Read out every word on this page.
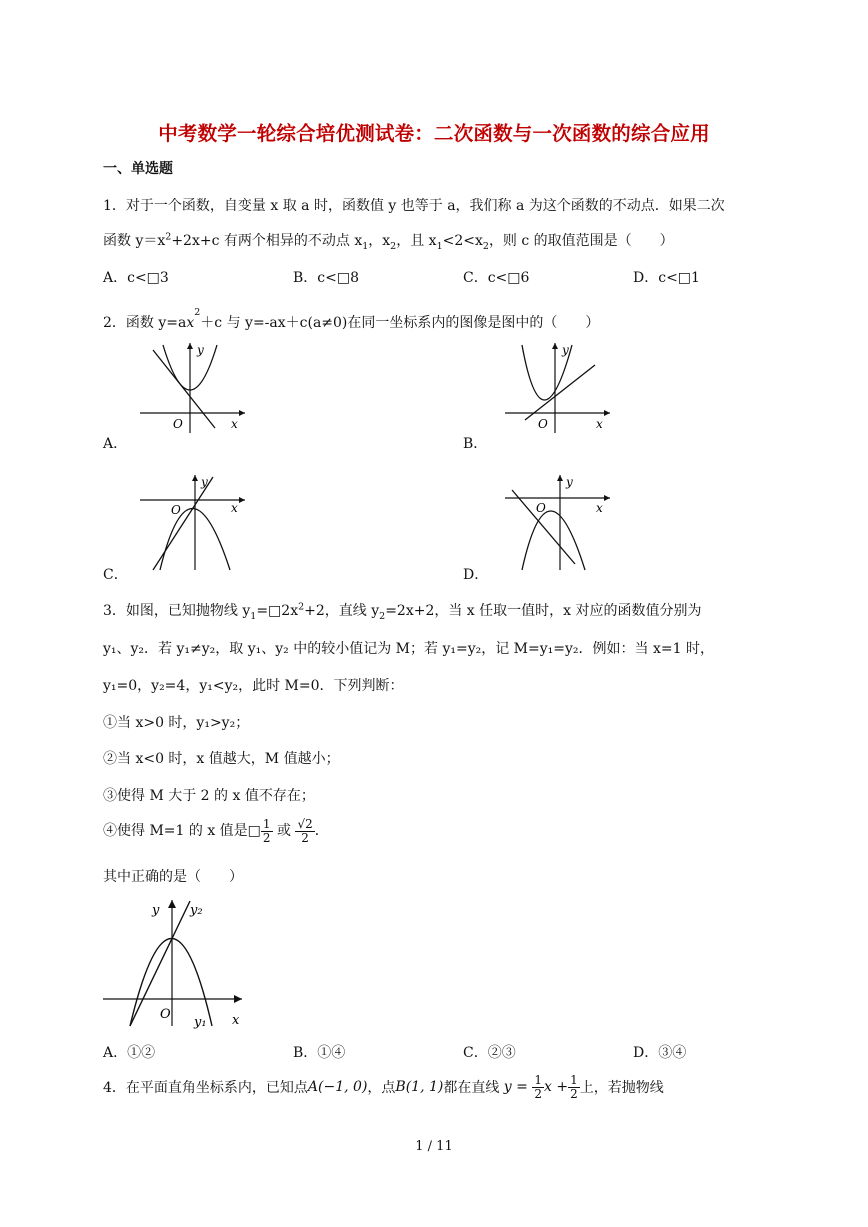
中考数学一轮综合培优测试卷：二次函数与一次函数的综合应用
一、单选题
1．对于一个函数，自变量 x 取 a 时，函数值 y 也等于 a，我们称 a 为这个函数的不动点．如果二次
函数 $y=x^2+2x+c$ 有两个相异的不动点 $x_1$，$x_2$，且 $x_1<2<x_2$，则 c 的取值范围是（　　）
A．c<□3	B．c<□8	C．c<□6	D．c<□1
2．函数 $y=ax^2+c$ 与 y=-ax＋c(a≠0)在同一坐标系内的图像是图中的（　　）
y
x
O
A．
y
x
O
B．
y
x
O
C．
y
x
O
D．
3．如图，已知抛物线 $y_1=□2x^2+2$，直线 $y_2=2x+2$，当 x 任取一值时，x 对应的函数值分别为
y₁、y₂．若 y₁≠y₂，取 y₁、y₂ 中的较小值记为 M；若 y₁=y₂，记 M=y₁=y₂．例如：当 x=1 时，
y₁=0，y₂=4，y₁<y₂，此时 M=0．下列判断：
①当 x>0 时，y₁>y₂；
②当 x<0 时，x 值越大，M 值越小；
③使得 M 大于 2 的 x 值不存在；
④使得 M=1 的 x 值是□ $\frac{1}{2}$ 或 $\frac{√2}{2}$ ．
其中正确的是（　　）
y y₂
O
y₁ x
A．①②	B．①④	C．②③	D．③④
4．在平面直角坐标系内，已知点A(−1, 0)，点B(1, 1)都在直线 $y = \frac{1}{2}$ $x + \frac{1}{2}$ 上，若抛物线
1 / 11
